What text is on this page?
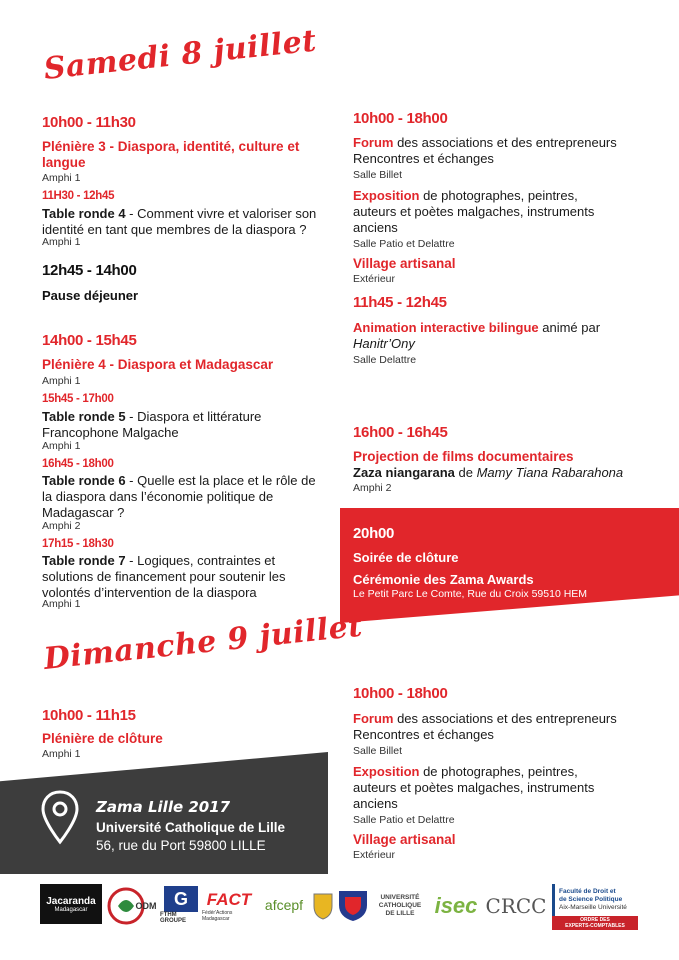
Samedi 8 juillet
10h00 - 11h30
Plénière 3 - Diaspora, identité, culture et langue
Amphi 1
11H30 - 12h45
Table ronde 4 - Comment vivre et valoriser son identité en tant que membres de la diaspora ?
Amphi 1
12h45 - 14h00
Pause déjeuner
14h00 - 15h45
Plénière 4 - Diaspora et Madagascar
Amphi 1
15h45 - 17h00
Table ronde 5 - Diaspora et littérature Francophone Malgache
Amphi 1
16h45 - 18h00
Table ronde 6 - Quelle est la place et le rôle de la diaspora dans l’économie politique de Madagascar ?
Amphi 2
17h15 - 18h30
Table ronde 7 - Logiques, contraintes et solutions de financement pour soutenir les volontés d’intervention de la diaspora
Amphi 1
10h00 - 18h00
Forum des associations et des entrepreneurs Rencontres et échanges
Salle Billet
Exposition de photographes, peintres, auteurs et poètes malgaches, instruments anciens
Salle Patio et Delattre
Village artisanal
Extérieur
11h45 - 12h45
Animation interactive bilingue animé par
Hanitr’Ony
Salle Delattre
16h00 - 16h45
Projection de films documentaires
Zaza niangarana de Mamy Tiana Rabarahona
Amphi 2
20h00
Soirée de clôture
Cérémonie des Zama Awards
Le Petit Parc Le Comte, Rue du Croix 59510 HEM
Dimanche 9 juillet
10h00 - 11h15
Plénière de clôture
Amphi 1
10h00 - 18h00
Forum des associations et des entrepreneurs Rencontres et échanges
Salle Billet
Exposition de photographes, peintres, auteurs et poètes malgaches, instruments anciens
Salle Patio et Delattre
Village artisanal
Extérieur
Zama Lille 2017
Université Catholique de Lille
56, rue du Port 59800 LILLE
Jacaranda
Madagascar	ODM G
FTHM GROUPE
FACT
Fédér'Actions Madagascar
afcepf	UNIVERSITÉ
CATHOLIQUE
DE LILLE isec CRCC
Faculté de Droit et
de Science Politique
Aix-Marseille Université
ORDRE DES
EXPERTS-COMPTABLES
